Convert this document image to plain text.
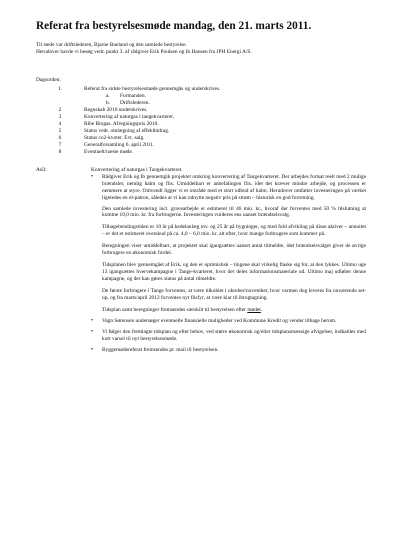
Referat fra bestyrelsesmøde mandag, den 21. marts 2011.
Til stede var driftslederen, Bjarne Bueland og den samlede bestyrelse.
Herudover havde vi besøg vedr. punkt 3. af rådgiver Erik Poulsen og Ib Hansen fra JPH Energi A/S.
Dagsorden:
1.	Referat fra sidste bestyrelsesmøde gennemgås og underskrives.
a.	Formanden.
b.	Driftslederen.
2	Regnskab 2010 underskrives.
3	Konvertering af naturgas i tangekvarteret.
4	Ribe Biogas. Afregningspris 2010.
5	Status vedr. omlægning af effektbidrag.
6	Status co2-kvoter. Evt. salg.
7	Generalforsamling 6. april 2011.
8	Eventuelt/næste møde.
Ad3:	Konvertering af naturgas i Tangekvarteret.
•	Rådgiver Erik og Ib gennemgik projektet omkring konvertering af Tangekvarteret. Der arbejdes fortsat reelt med 2 mulige brændsler, nemlig halm og flis. Umiddelbart er anbefalingen flis, idet det kræver mindre arbejde, og processen er nemmere at styre. Omvendt ligger vi et område med et stort udbud af halm. Herudover omfatter investeringen på værket ligeledes en el-patron, således at vi kan udnytte negativ pris på strøm – historisk en god forretning.

Den samlede investering incl. gravearbejde er estimeret til 46 mio. kr., hvoraf der forventes med 50 % tilslutning at komme 10,0 mio. kr. fra forbrugerne. Investeringen vurderes ens uanset brændselsvalg.

Tilbagebetalingstiden er 10 år på kedelanlæg mv. og 25 år på bygninger, og med fuld afvikling på disse aktiver – annuitet – er det et estimeret overskud på ca. 4,0 – 6,0 mio. kr. alt efter, hvor mange forbrugere som kommer på.

Beregningen viser umiddelbart, at projektet skal igangsættes uanset antal tilmeldte, idet brændselsvalget giver de øvrige forbrugere en økonomisk fordel.

Tidsplanen blev gennemgået af Erik, og den er optimistisk – tingene skal virkelig flaske sig for, at den lykkes. Ultimo uge 13 igangsættes hvervekampagne i Tange-kvarteret, hvor der deles informationsmateriale ud. Ultimo maj udløber denne kampagne, og der kan gøres status på antal tilmeldte.

De første forbrugere i Tange forventes, at være tilkoblet i oktober/november, hvor varmen dog leveres fra nuværende set-up, og fra marts/april 2012 forventes nyt flisfyr, at være klar til ibrugtagning.

Tidsplan samt beregninger fremsendes særskilt til bestyrelsen efter mødet.

•	Vagn Sørensen undersøger eventuelle finansielle muligheder ved Kommune Kredit og vender tilbage herom.
•	Vi følger den fremlagte tidsplan og efter behov, ved større økonomisk og/eller tidsplansmæssige afvigelser, indkaldes med kort varsel til nyt bestyrelsesmøde.
•	Byggemødereferat fremsendes pr. mail til bestyrelsen.
